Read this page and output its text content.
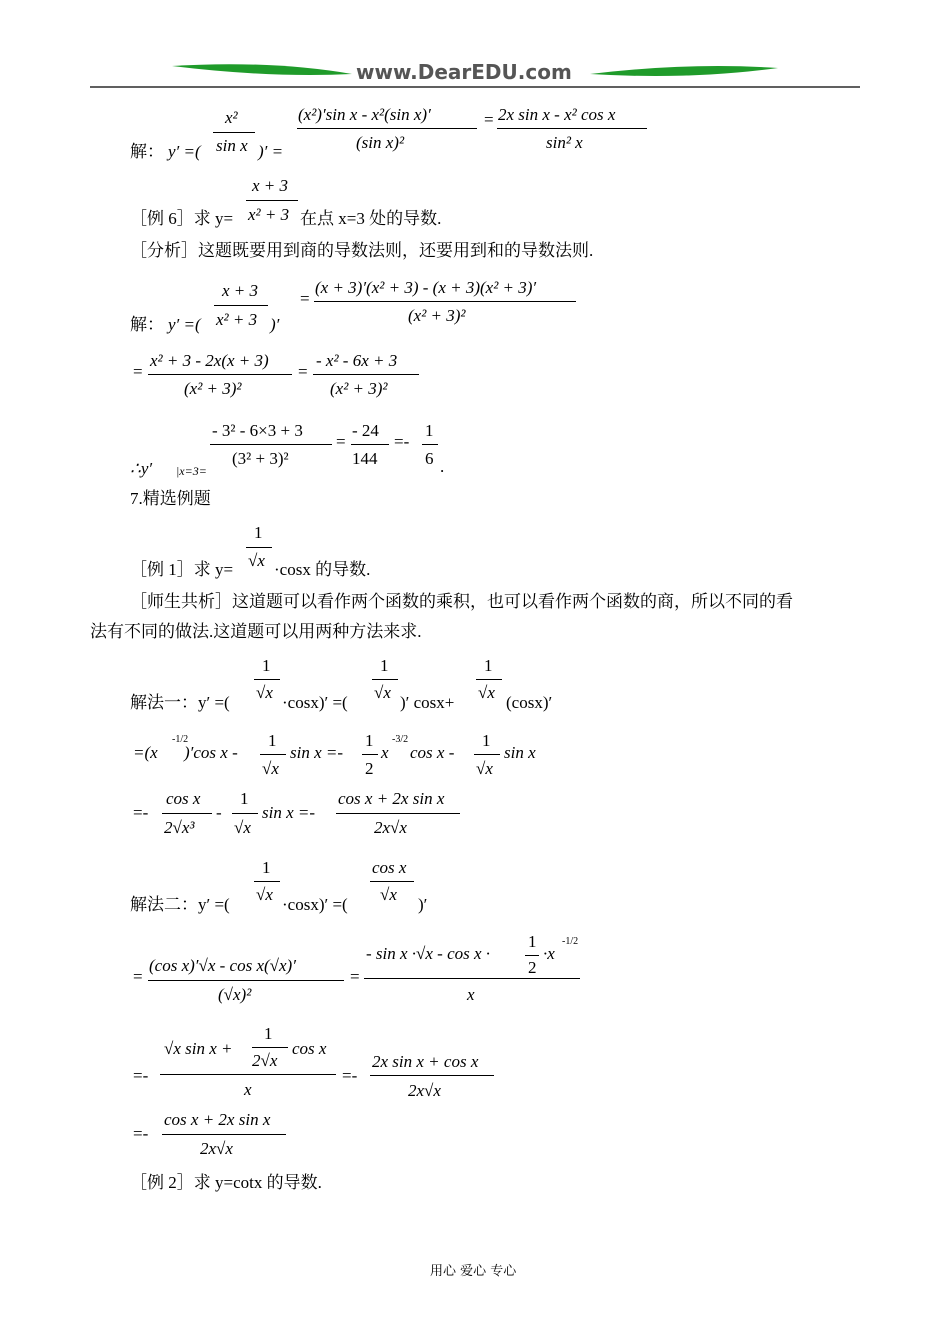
www.DearEDU.com
解： y′ =(
x²
sin x )′ =
(x²)′sin x - x²(sin x)′
(sin x)²
= 2x sin x - x² cos x
sin² x
［例 6］求 y=
x + 3
x² + 3 在点 x=3 处的导数.
［分析］这题既要用到商的导数法则，还要用到和的导数法则.
解： y′ =(
x + 3
x² + 3 )′
=
(x + 3)′(x² + 3) - (x + 3)(x² + 3)′
(x² + 3)²
=
x² + 3 - 2x(x + 3)
(x² + 3)²
=
- x² - 6x + 3
(x² + 3)²
∴y′ |x=3=
- 3² - 6×3 + 3
(3² + 3)²
=
- 24
144
=-
1
6 .
7.精选例题
［例 1］求 y=
1
√x ·cosx 的导数.
［师生共析］这道题可以看作两个函数的乘积，也可以看作两个函数的商，所以不同的看
法有不同的做法.这道题可以用两种方法来求.
解法一：y′ =(
1
√x
·cosx)′ =(
1
√x
)′ cosx+
1
√x
(cosx)′
=(x
-1/2
)′cos x -
1
√x
sin x =-
1
2
x
-3/2
cos x -
1
√x
sin x
=-
cos x
2√x³
-
1
√x
sin x =-
cos x + 2x sin x
2x√x
解法二：y′ =(
1
√x
·cosx)′ =(
cos x
√x
)′
=
(cos x)′√x - cos x(√x)′
(√x)²
=
- sin x ·√x - cos x ·
1
2
·x
-1/2
x
=-
√x sin x +
1
2√x
cos x
x
=-
2x sin x + cos x
2x√x
=-
cos x + 2x sin x
2x√x
［例 2］求 y=cotx 的导数.
用心 爱心 专心
